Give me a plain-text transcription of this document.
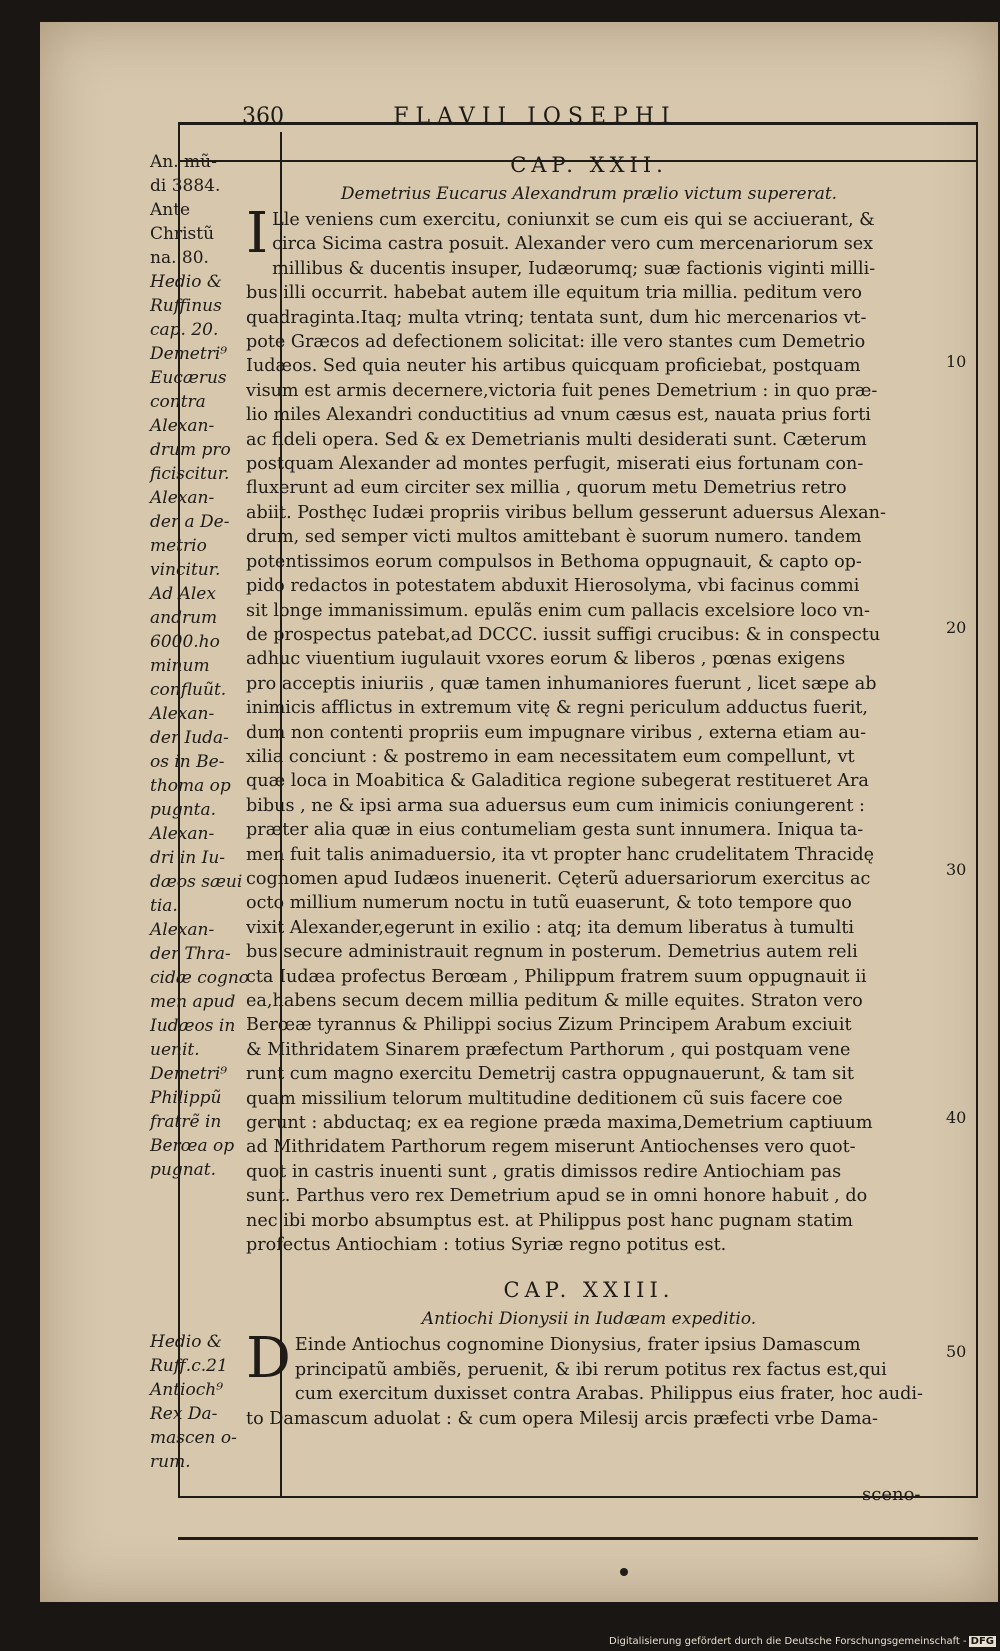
360	FLAVII IOSEPHI
An. mũ-
di 3884.
Ante
Christũ
na. 80.
Hedio &
Ruffinus
cap. 20.
Demetri⁹
Eucærus
contra
Alexan-
drum pro
ficiscitur.
Alexan-
der a De-
metrio
vincitur.
Ad Alex
andrum
6000.ho
minum
confluũt.
Alexan-
der Iuda-
os in Be-
thoma op
pugnta.
Alexan-
dri in Iu-
dæos sæui
tia.
Alexan-
der Thra-
cidæ cogno
men apud
Iudæos in
uenit.
Demetri⁹
Philippũ
fratrẽ in
Berœa op
pugnat.
Hedio &
Ruff.c.21
Antioch⁹
Rex Da-
mascen o-
rum.
CAP. XXII.
Demetrius Eucarus Alexandrum prælio victum supererat.
I Lle veniens cum exercitu, coniunxit se cum eis qui se acciuerant, &
circa Sicima castra posuit. Alexander vero cum mercenariorum sex
millibus & ducentis insuper, Iudæorumq; suæ factionis viginti milli-
bus illi occurrit. habebat autem ille equitum tria millia. peditum vero
quadraginta.Itaq; multa vtrinq; tentata sunt, dum hic mercenarios vt-
pote Græcos ad defectionem solicitat: ille vero stantes cum Demetrio
Iudæos. Sed quia neuter his artibus quicquam proficiebat, postquam
visum est armis decernere,victoria fuit penes Demetrium : in quo præ-
lio miles Alexandri conductitius ad vnum cæsus est, nauata prius forti
ac fideli opera. Sed & ex Demetrianis multi desiderati sunt. Cæterum
postquam Alexander ad montes perfugit, miserati eius fortunam con-
fluxerunt ad eum circiter sex millia , quorum metu Demetrius retro
abiit. Posthęc Iudæi propriis viribus bellum gesserunt aduersus Alexan-
drum, sed semper victi multos amittebant è suorum numero. tandem
potentissimos eorum compulsos in Bethoma oppugnauit, & capto op-
pido redactos in potestatem abduxit Hierosolyma, vbi facinus commi
sit longe immanissimum. epulãs enim cum pallacis excelsiore loco vn-
de prospectus patebat,ad DCCC. iussit suffigi crucibus: & in conspectu
adhuc viuentium iugulauit vxores eorum & liberos , pœnas exigens
pro acceptis iniuriis , quæ tamen inhumaniores fuerunt , licet sæpe ab
inimicis afflictus in extremum vitę & regni periculum adductus fuerit,
dum non contenti propriis eum impugnare viribus , externa etiam au-
xilia conciunt : & postremo in eam necessitatem eum compellunt, vt
quæ loca in Moabitica & Galaditica regione subegerat restitueret Ara
bibus , ne & ipsi arma sua aduersus eum cum inimicis coniungerent :
præter alia quæ in eius contumeliam gesta sunt innumera. Iniqua ta-
men fuit talis animaduersio, ita vt propter hanc crudelitatem Thracidę
cognomen apud Iudæos inuenerit. Cęterũ aduersariorum exercitus ac
octo millium numerum noctu in tutũ euaserunt, & toto tempore quo
vixit Alexander,egerunt in exilio : atq; ita demum liberatus à tumulti
bus secure administrauit regnum in posterum. Demetrius autem reli
cta Iudæa profectus Berœam , Philippum fratrem suum oppugnauit ii
ea,habens secum decem millia peditum & mille equites. Straton vero
Berœæ tyrannus & Philippi socius Zizum Principem Arabum exciuit
& Mithridatem Sinarem præfectum Parthorum , qui postquam vene
runt cum magno exercitu Demetrij castra oppugnauerunt, & tam sit
quam missilium telorum multitudine deditionem cũ suis facere coe
gerunt : abductaq; ex ea regione præda maxima,Demetrium captiuum
ad Mithridatem Parthorum regem miserunt Antiochenses vero quot-
quot in castris inuenti sunt , gratis dimissos redire Antiochiam pas
sunt. Parthus vero rex Demetrium apud se in omni honore habuit , do
nec ibi morbo absumptus est. at Philippus post hanc pugnam statim
profectus Antiochiam : totius Syriæ regno potitus est.
CAP. XXIII.
Antiochi Dionysii in Iudæam expeditio.
D Einde Antiochus cognomine Dionysius, frater ipsius Damascum
principatũ ambiẽs, peruenit, & ibi rerum potitus rex factus est,qui
cum exercitum duxisset contra Arabas. Philippus eius frater, hoc audi-
to Damascum aduolat : & cum opera Milesij arcis præfecti vrbe Dama-
10
20
30
40
50
sceno-
Digitalisierung gefördert durch die Deutsche Forschungsgemeinschaft - DFG
